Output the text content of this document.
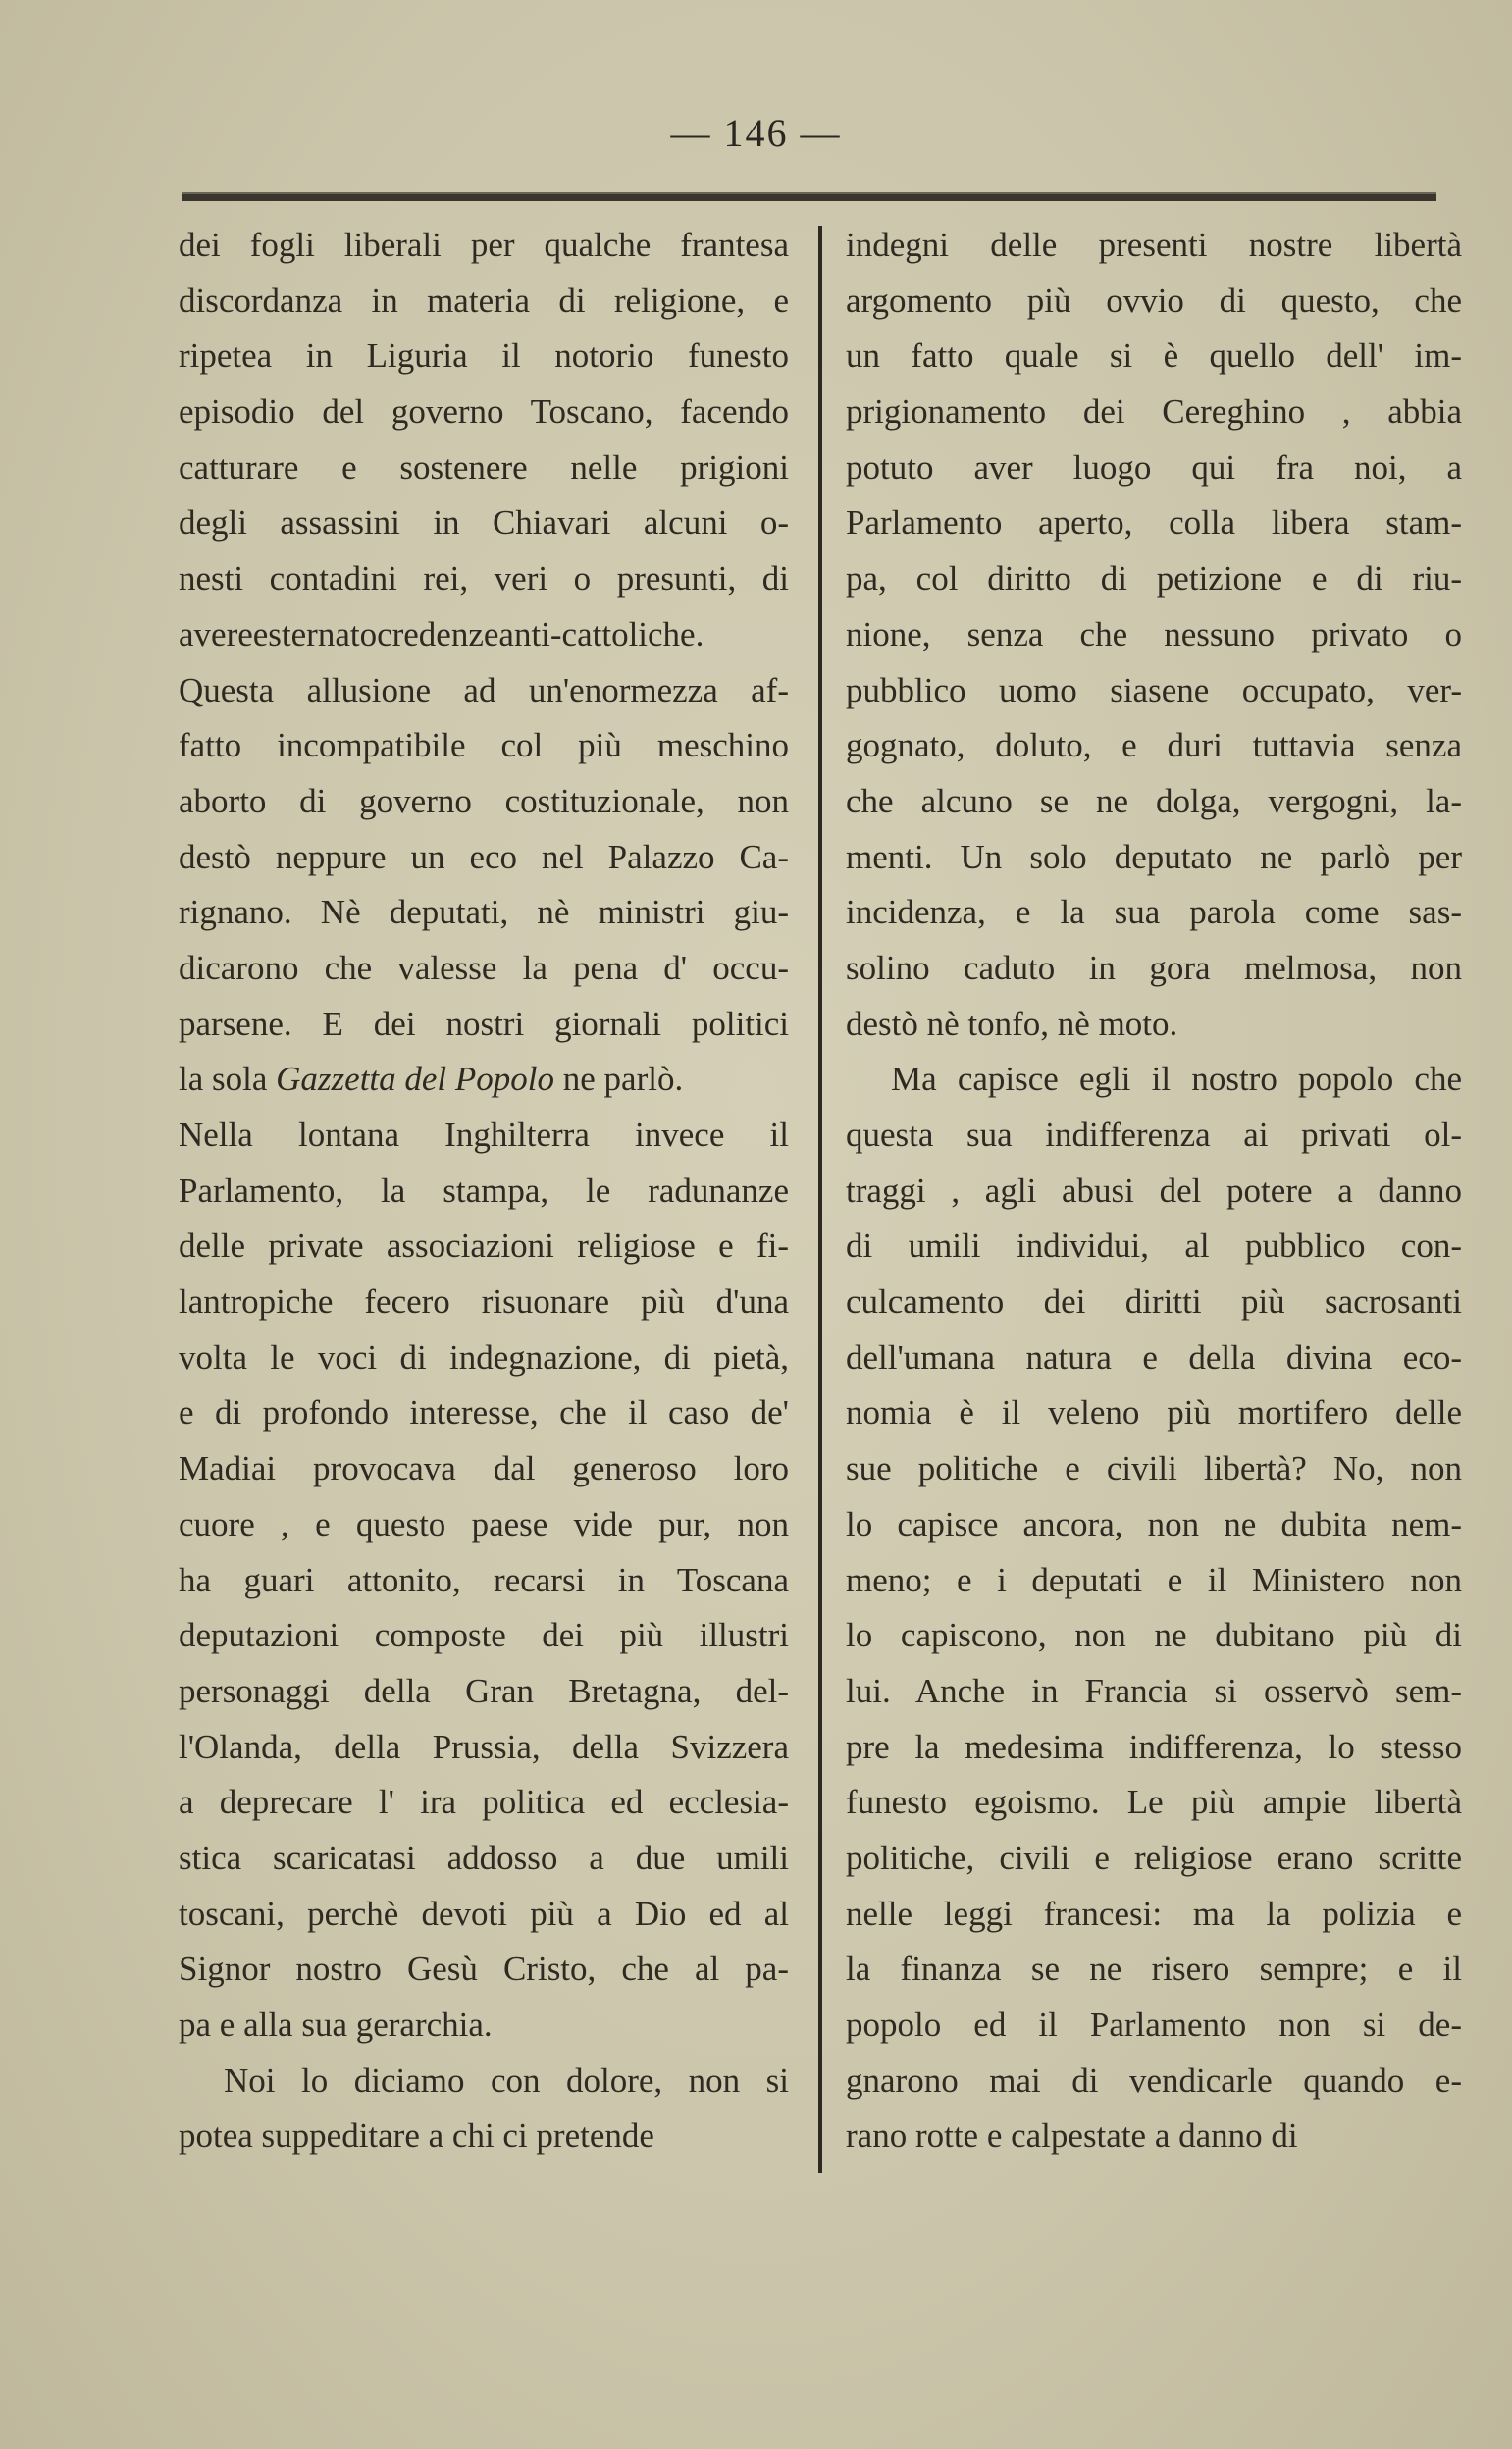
— 146 —
dei fogli liberali per qualche frantesa
discordanza in materia di religione, e
ripetea in Liguria il notorio funesto
episodio del governo Toscano, facendo
catturare e sostenere nelle prigioni
degli assassini in Chiavari alcuni o-
nesti contadini rei, veri o presunti, di
avereesternatocredenzeanti-cattoliche.
Questa allusione ad un'enormezza af-
fatto incompatibile col più meschino
aborto di governo costituzionale, non
destò neppure un eco nel Palazzo Ca-
rignano. Nè deputati, nè ministri giu-
dicarono che valesse la pena d' occu-
parsene. E dei nostri giornali politici
la sola Gazzetta del Popolo ne parlò.
Nella lontana Inghilterra invece il
Parlamento, la stampa, le radunanze
delle private associazioni religiose e fi-
lantropiche fecero risuonare più d'una
volta le voci di indegnazione, di pietà,
e di profondo interesse, che il caso de'
Madiai provocava dal generoso loro
cuore , e questo paese vide pur, non
ha guari attonito, recarsi in Toscana
deputazioni composte dei più illustri
personaggi della Gran Bretagna, del-
l'Olanda, della Prussia, della Svizzera
a deprecare l' ira politica ed ecclesia-
stica scaricatasi addosso a due umili
toscani, perchè devoti più a Dio ed al
Signor nostro Gesù Cristo, che al pa-
pa e alla sua gerarchia.
Noi lo diciamo con dolore, non si
potea suppeditare a chi ci pretende
indegni delle presenti nostre libertà
argomento più ovvio di questo, che
un fatto quale si è quello dell' im-
prigionamento dei Cereghino , abbia
potuto aver luogo qui fra noi, a
Parlamento aperto, colla libera stam-
pa, col diritto di petizione e di riu-
nione, senza che nessuno privato o
pubblico uomo siasene occupato, ver-
gognato, doluto, e duri tuttavia senza
che alcuno se ne dolga, vergogni, la-
menti. Un solo deputato ne parlò per
incidenza, e la sua parola come sas-
solino caduto in gora melmosa, non
destò nè tonfo, nè moto.
Ma capisce egli il nostro popolo che
questa sua indifferenza ai privati ol-
traggi , agli abusi del potere a danno
di umili individui, al pubblico con-
culcamento dei diritti più sacrosanti
dell'umana natura e della divina eco-
nomia è il veleno più mortifero delle
sue politiche e civili libertà? No, non
lo capisce ancora, non ne dubita nem-
meno; e i deputati e il Ministero non
lo capiscono, non ne dubitano più di
lui. Anche in Francia si osservò sem-
pre la medesima indifferenza, lo stesso
funesto egoismo. Le più ampie libertà
politiche, civili e religiose erano scritte
nelle leggi francesi: ma la polizia e
la finanza se ne risero sempre; e il
popolo ed il Parlamento non si de-
gnarono mai di vendicarle quando e-
rano rotte e calpestate a danno di
